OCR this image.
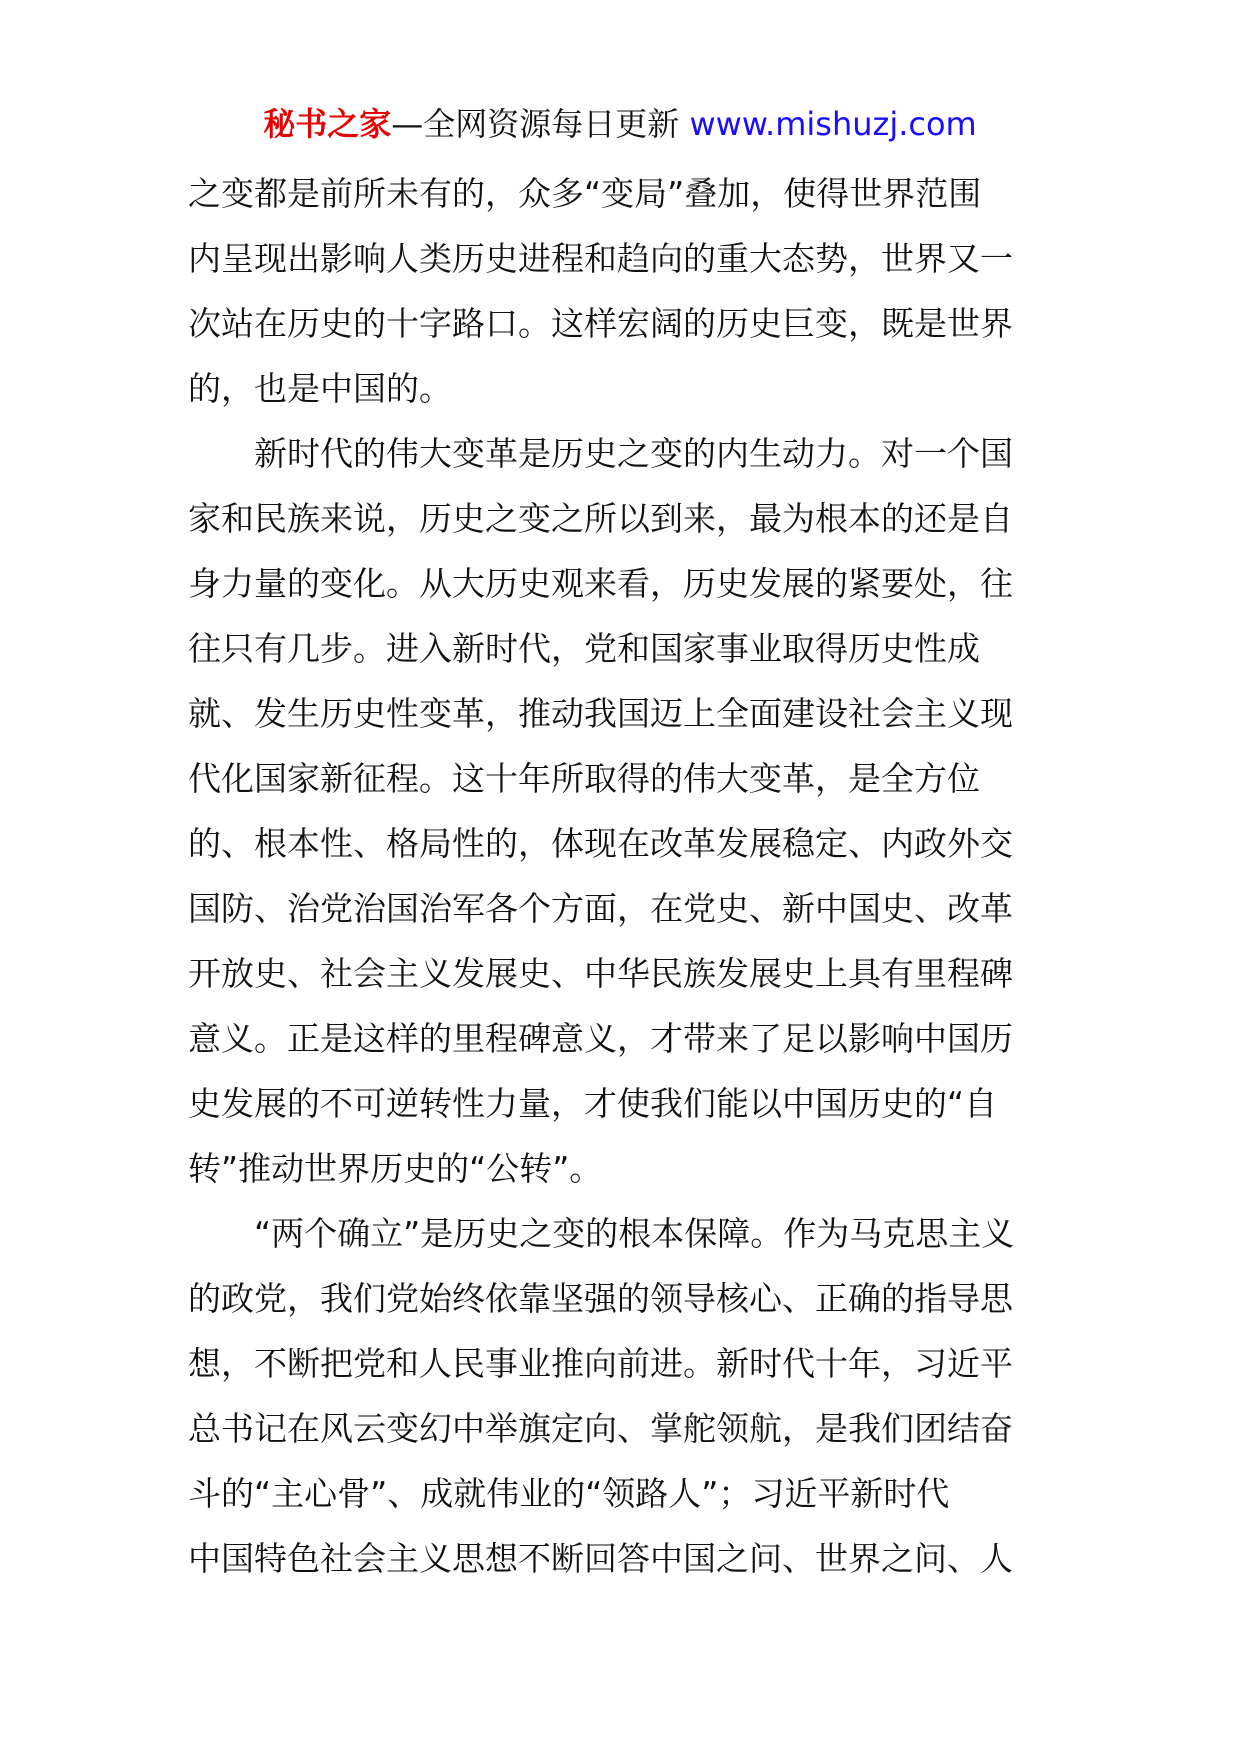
秘书之家—全网资源每日更新 www.mishuzj.com
之变都是前所未有的，众多“变局”叠加，使得世界范围
内呈现出影响人类历史进程和趋向的重大态势，世界又一
次站在历史的十字路口。这样宏阔的历史巨变，既是世界
的，也是中国的。
新时代的伟大变革是历史之变的内生动力。对一个国
家和民族来说，历史之变之所以到来，最为根本的还是自
身力量的变化。从大历史观来看，历史发展的紧要处，往
往只有几步。进入新时代，党和国家事业取得历史性成
就、发生历史性变革，推动我国迈上全面建设社会主义现
代化国家新征程。这十年所取得的伟大变革，是全方位
的、根本性、格局性的，体现在改革发展稳定、内政外交
国防、治党治国治军各个方面，在党史、新中国史、改革
开放史、社会主义发展史、中华民族发展史上具有里程碑
意义。正是这样的里程碑意义，才带来了足以影响中国历
史发展的不可逆转性力量，才使我们能以中国历史的“自
转”推动世界历史的“公转”。
“两个确立”是历史之变的根本保障。作为马克思主义
的政党，我们党始终依靠坚强的领导核心、正确的指导思
想，不断把党和人民事业推向前进。新时代十年，习近平
总书记在风云变幻中举旗定向、掌舵领航，是我们团结奋
斗的“主心骨”、成就伟业的“领路人”；习近平新时代
中国特色社会主义思想不断回答中国之问、世界之问、人
